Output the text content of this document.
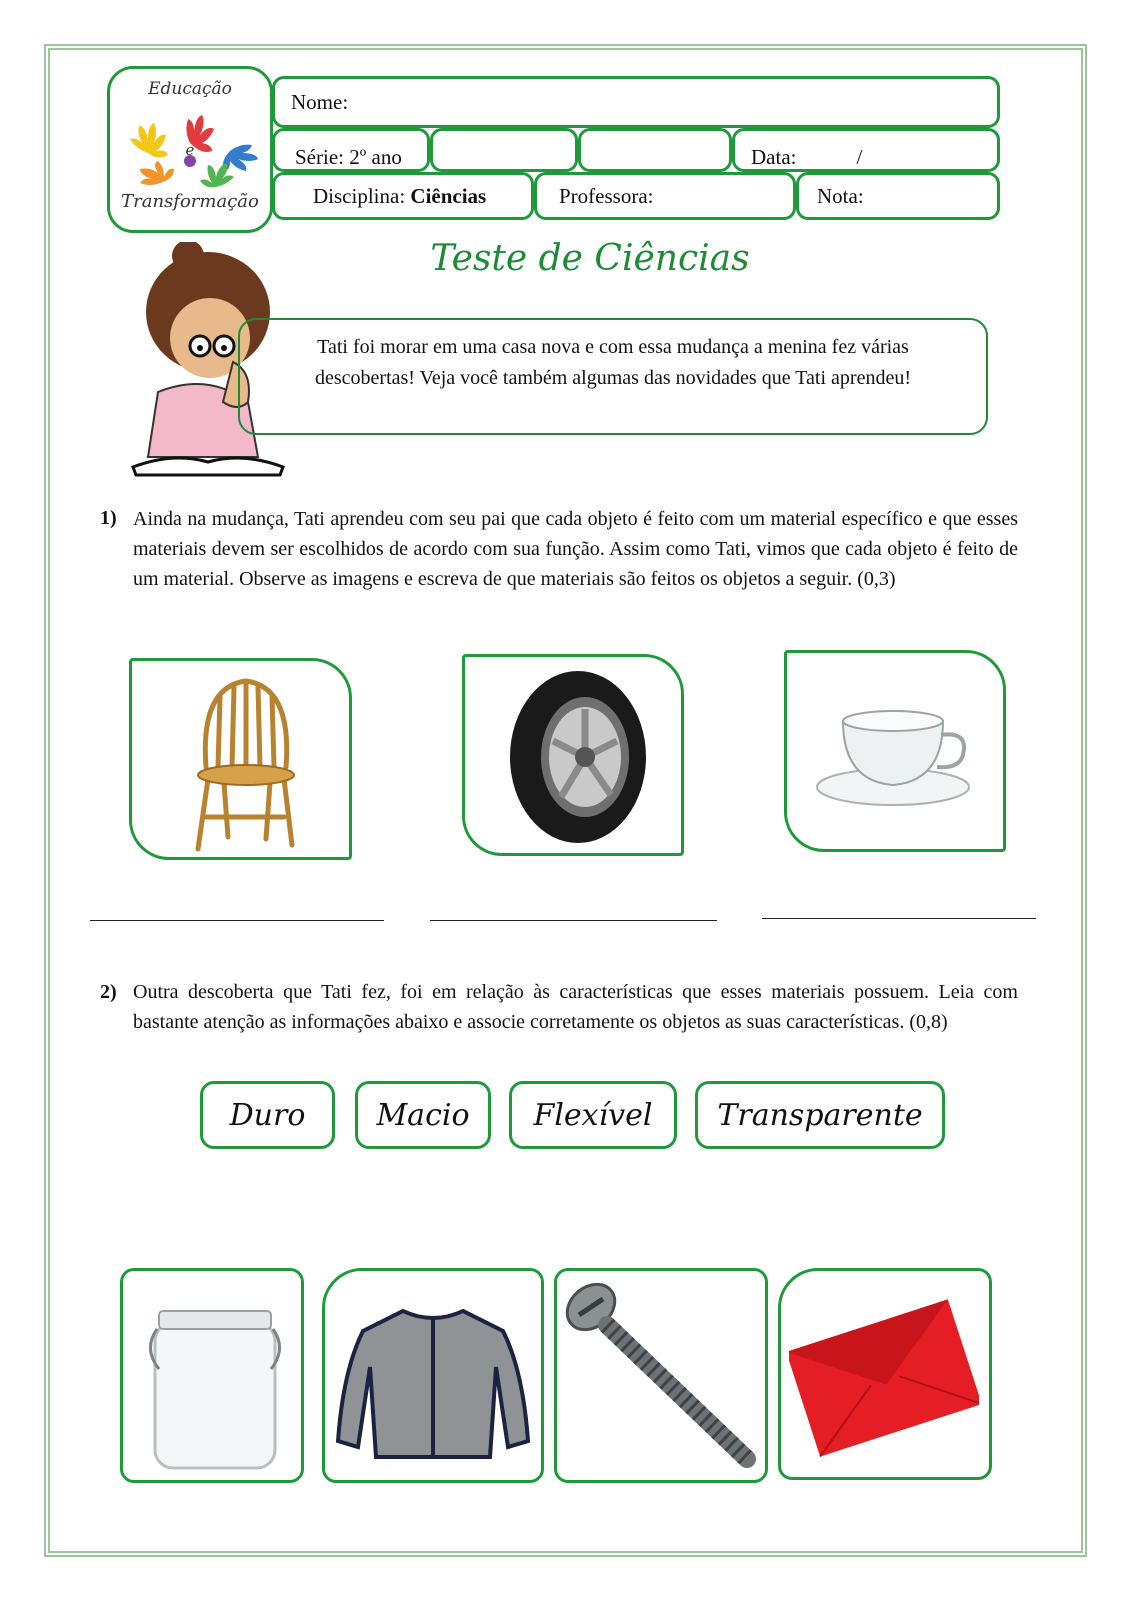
Educação
e
Transformação
Nome:
Série: 2º ano	Data:	/
Disciplina: Ciências	Professora:	Nota:
Teste de Ciências
Tati foi morar em uma casa nova e com essa mudança a menina fez várias descobertas! Veja você também algumas das novidades que Tati aprendeu!
1) Ainda na mudança, Tati aprendeu com seu pai que cada objeto é feito com um material específico e que esses materiais devem ser escolhidos de acordo com sua função. Assim como Tati, vimos que cada objeto é feito de um material. Observe as imagens e escreva de que materiais são feitos os objetos a seguir. (0,3)
2) Outra descoberta que Tati fez, foi em relação às características que esses materiais possuem. Leia com bastante atenção as informações abaixo e associe corretamente os objetos as suas características. (0,8)
Duro Macio Flexível Transparente
